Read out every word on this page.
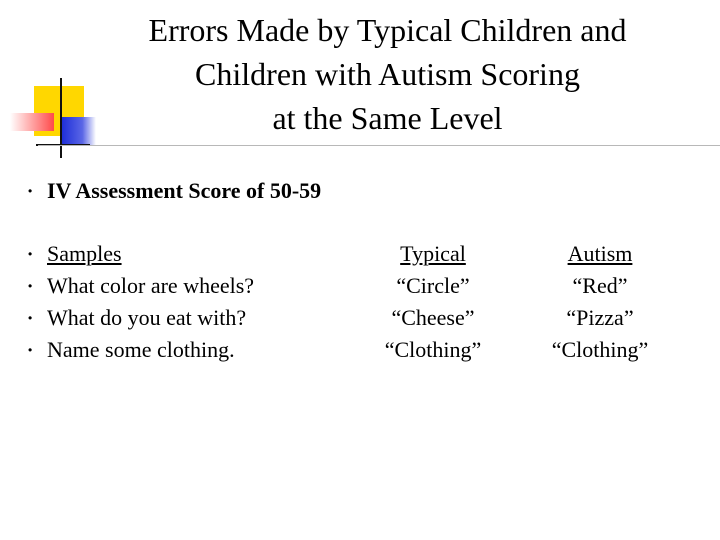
Errors Made by Typical Children and
Children with Autism Scoring
at the Same Level
• IV Assessment Score of 50-59
• Samples
• What color are wheels?
• What do you eat with?
• Name some clothing.
Typical
“Circle”
“Cheese”
“Clothing”
Autism
“Red”
“Pizza”
“Clothing”
